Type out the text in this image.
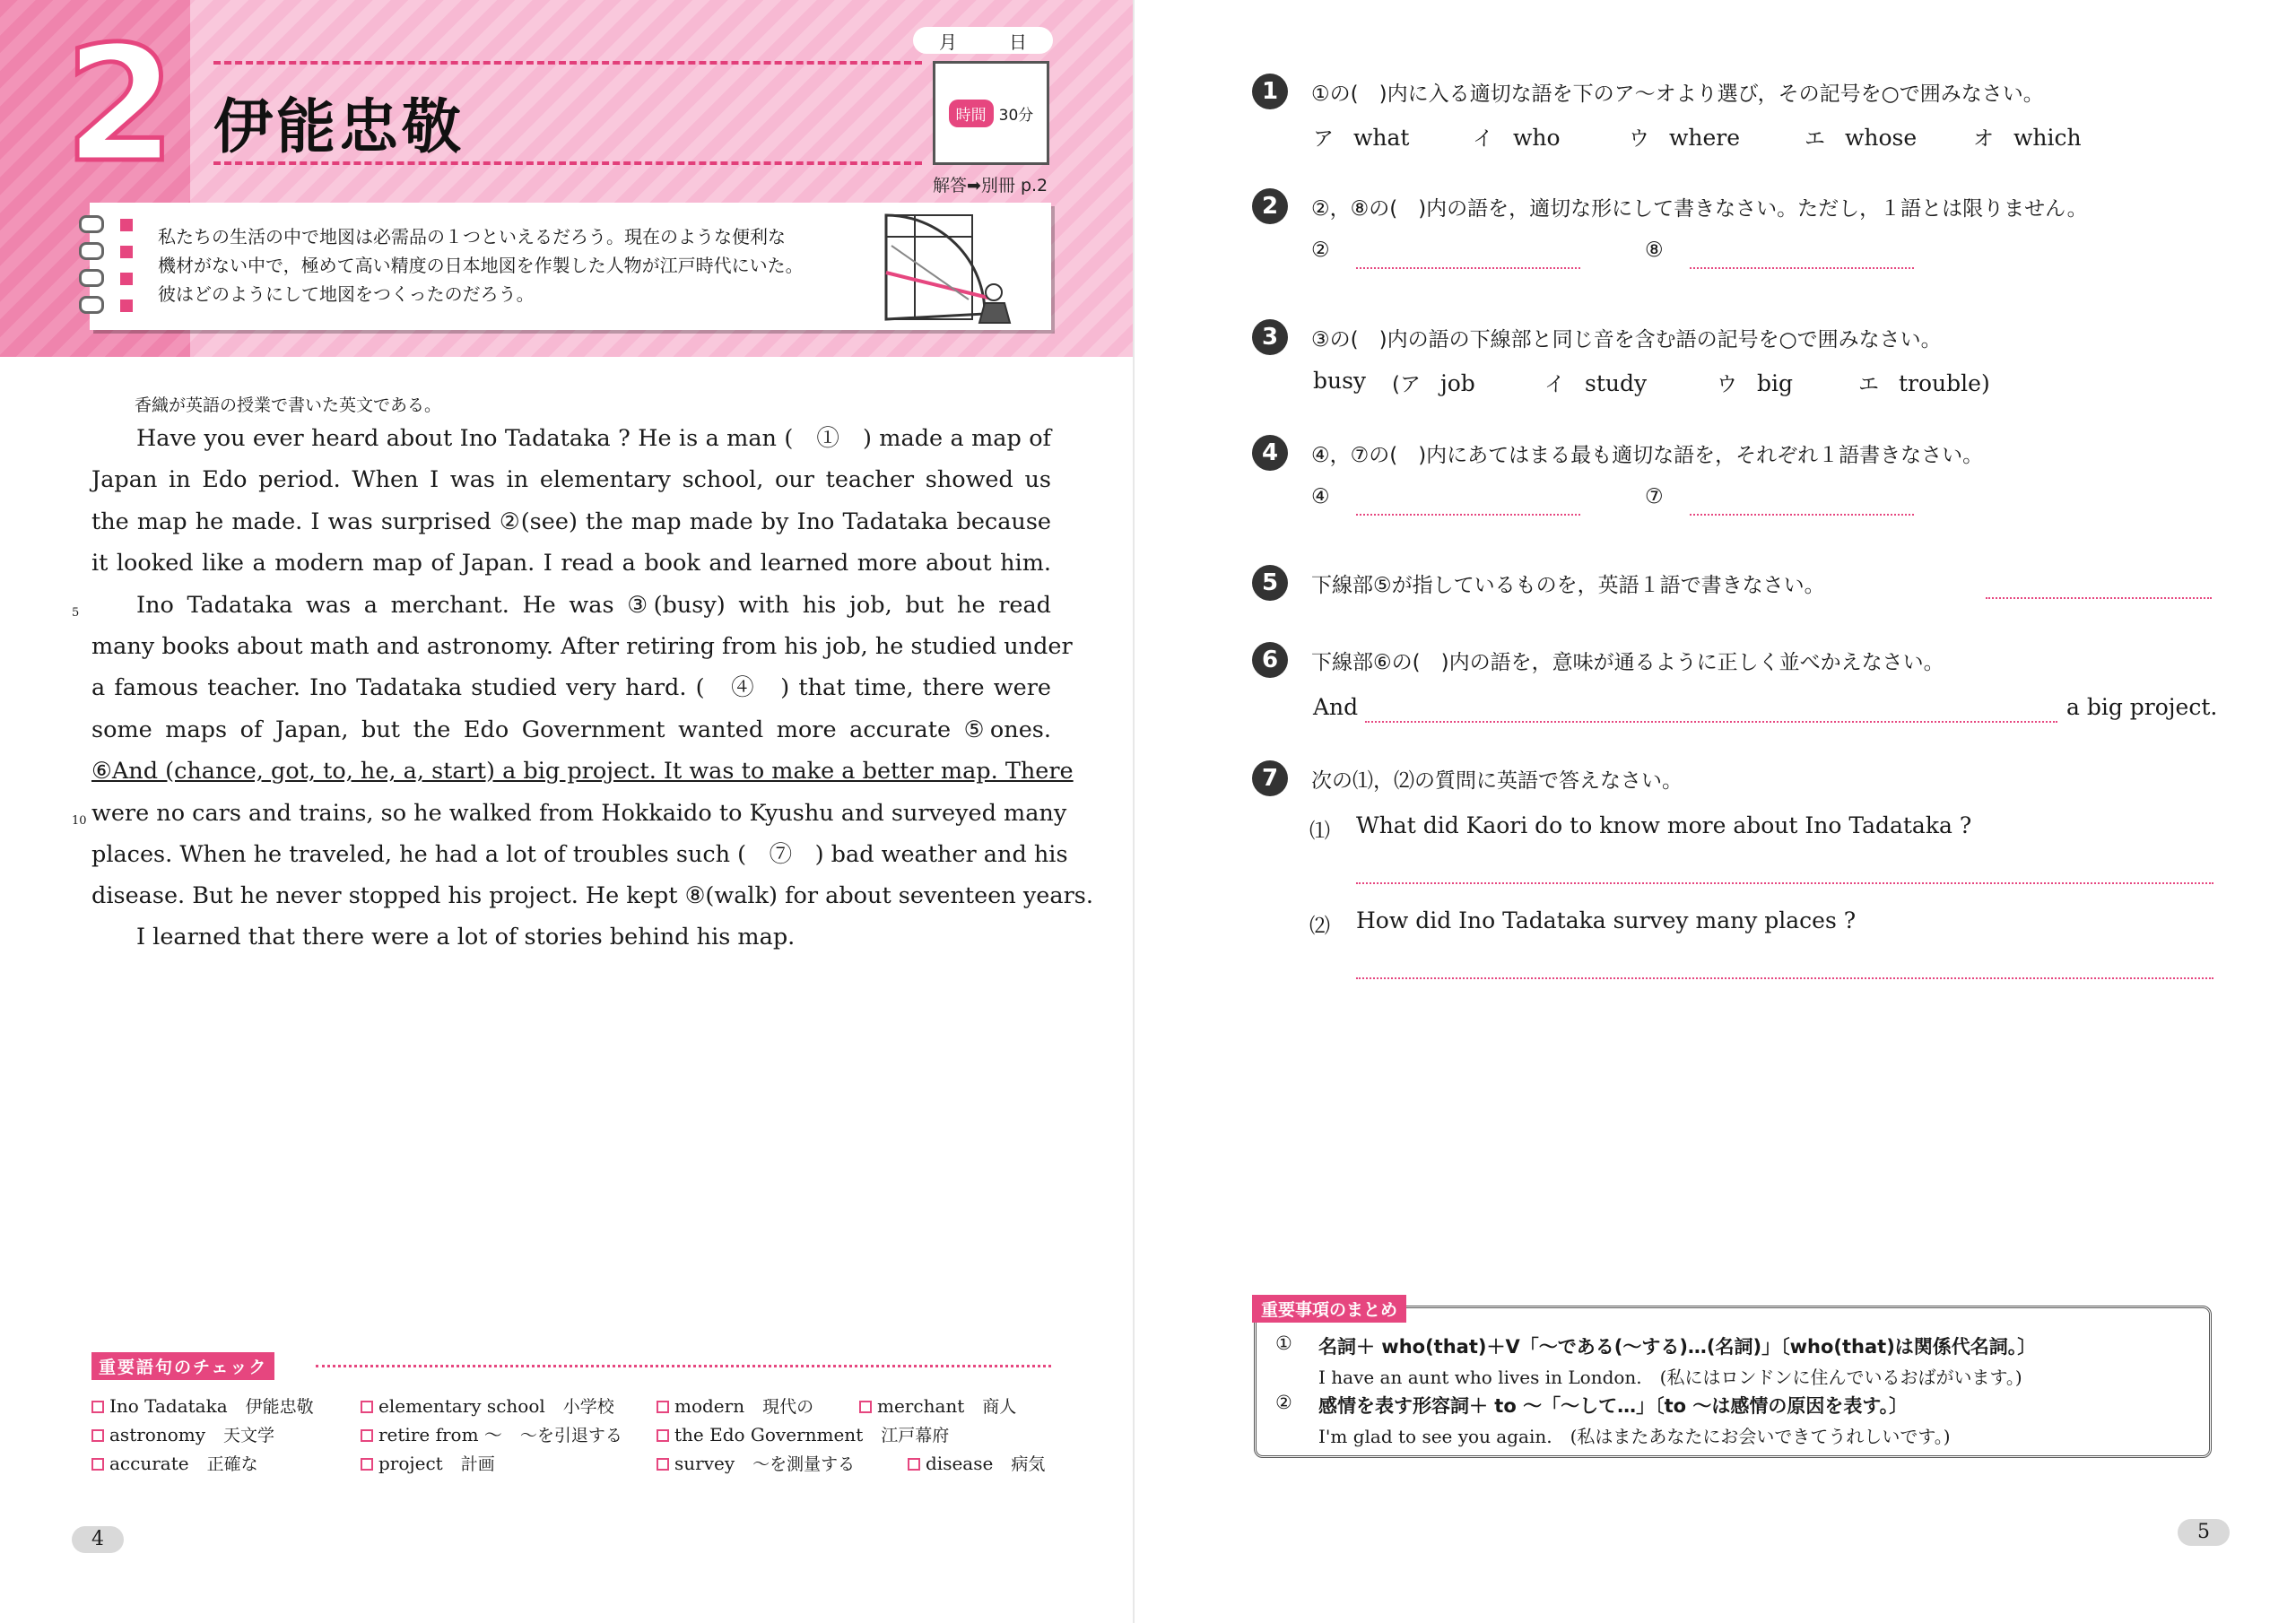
2 伊能忠敬
月	日
時間 30分
解答➡別冊 p.2
私たちの生活の中で地図は必需品の１つといえるだろう。現在のような便利な
機材がない中で，極めて高い精度の日本地図を作製した人物が江戸時代にいた。
彼はどのようにして地図をつくったのだろう。
香織が英語の授業で書いた英文である。
Have you ever heard about Ino Tadataka ? He is a man (　①　) made a map of
Japan in Edo period. When I was in elementary school, our teacher showed us
the map he made. I was surprised ②(see) the map made by Ino Tadataka because
it looked like a modern map of Japan. I read a book and learned more about him.
5 Ino Tadataka was a merchant. He was ③(busy) with his job, but he read
many books about math and astronomy. After retiring from his job, he studied under
a famous teacher. Ino Tadataka studied very hard. (　④　) that time, there were
some maps of Japan, but the Edo Government wanted more accurate ⑤ones.
⑥And (chance, got, to, he, a, start) a big project. It was to make a better map. There
10 were no cars and trains, so he walked from Hokkaido to Kyushu and surveyed many
places. When he traveled, he had a lot of troubles such (　⑦　) bad weather and his
disease. But he never stopped his project. He kept ⑧(walk) for about seventeen years.
I learned that there were a lot of stories behind his map.
重要語句のチェック
Ino Tadataka　 伊能忠敬	elementary school　 小学校	modern　 現代の	merchant　 商人
astronomy　 天文学	retire from ～　 ～を引退する	the Edo Government　 江戸幕府
accurate　 正確な	project　 計画	survey　 ～を測量する	disease　 病気
4
1	①の(　)内に入る適切な語を下のア～オより選び，その記号を○で囲みなさい。
ア what	イ who	ウ where	エ whose	オ which
2	②，⑧の(　)内の語を，適切な形にして書きなさい。ただし，１語とは限りません。
②	⑧
3	③の(　)内の語の下線部と同じ音を含む語の記号を○で囲みなさい。
busy (ア job	イ study	ウ big	エ trouble)
4	④，⑦の(　)内にあてはまる最も適切な語を，それぞれ１語書きなさい。
④	⑦
5	下線部⑤が指しているものを，英語１語で書きなさい。
6	下線部⑥の(　)内の語を，意味が通るように正しく並べかえなさい。
And	a big project.
7	次の⑴，⑵の質問に英語で答えなさい。
⑴ What did Kaori do to know more about Ino Tadataka ?
⑵ How did Ino Tadataka survey many places ?
重要事項のまとめ
① 名詞＋ who(that)＋V「～である(～する)…(名詞)」〔who(that)は関係代名詞。〕
I have an aunt who lives in London.　(私にはロンドンに住んでいるおばがいます。)
② 感情を表す形容詞＋ to ～「～して…」〔to ～は感情の原因を表す。〕
I'm glad to see you again.　(私はまたあなたにお会いできてうれしいです。)
5
